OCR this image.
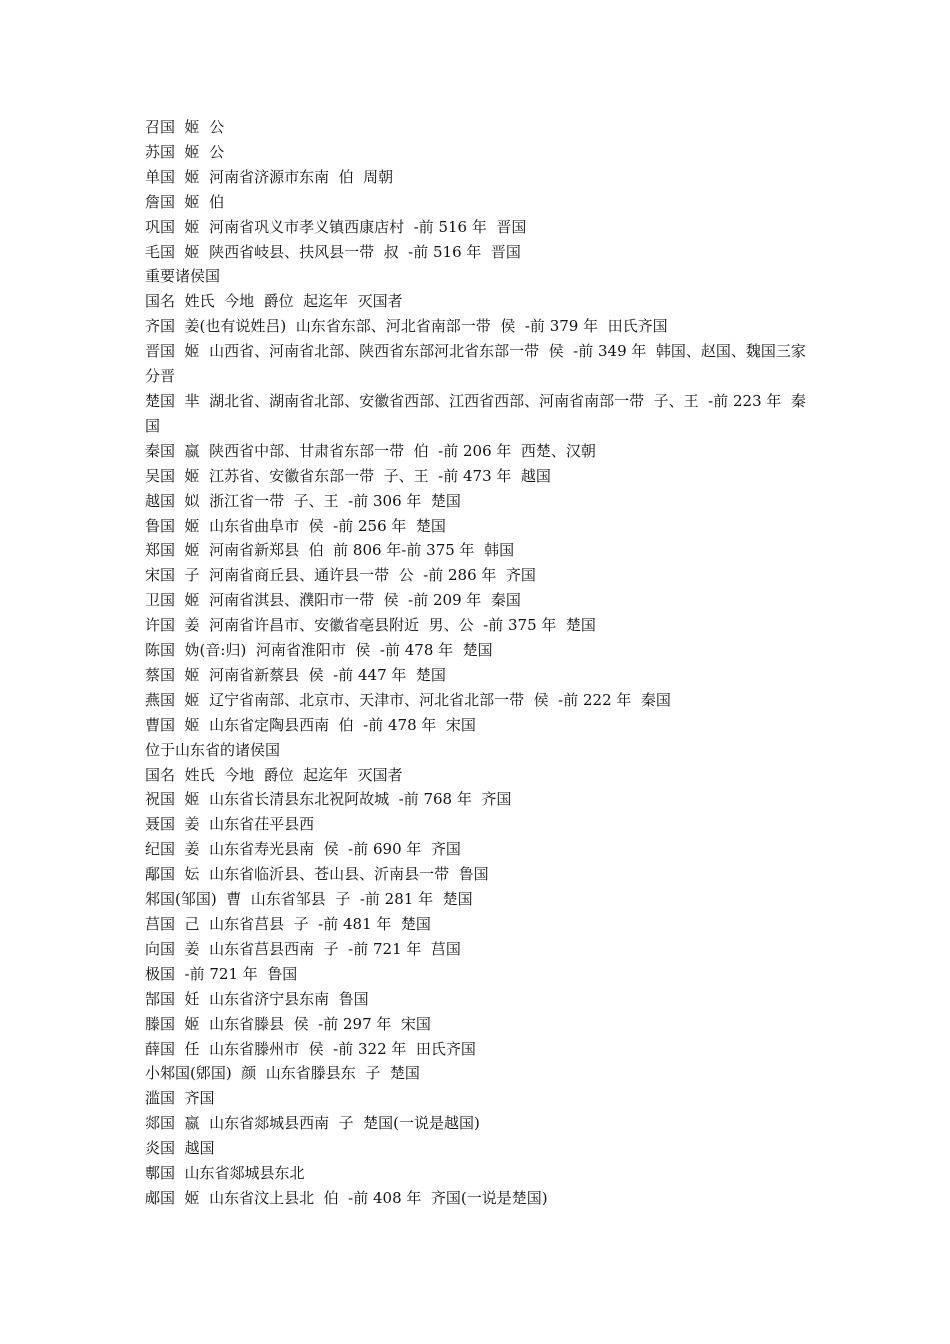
召国  姬  公

苏国  姬  公

单国  姬  河南省济源市东南  伯  周朝

詹国  姬  伯

巩国  姬  河南省巩义市孝义镇西康店村  -前 516 年  晋国

毛国  姬  陕西省岐县、扶风县一带  叔  -前 516 年  晋国

重要诸侯国

国名  姓氏  今地  爵位  起迄年  灭国者

齐国  姜(也有说姓吕)  山东省东部、河北省南部一带  侯  -前 379 年  田氏齐国

晋国  姬  山西省、河南省北部、陕西省东部河北省东部一带  侯  -前 349 年  韩国、赵国、魏国三家分晋

楚国  芈  湖北省、湖南省北部、安徽省西部、江西省西部、河南省南部一带  子、王  -前 223 年  秦国

秦国  嬴  陕西省中部、甘肃省东部一带  伯  -前 206 年  西楚、汉朝

吴国  姬  江苏省、安徽省东部一带  子、王  -前 473 年  越国

越国  姒  浙江省一带  子、王  -前 306 年  楚国

鲁国  姬  山东省曲阜市  侯  -前 256 年  楚国

郑国  姬  河南省新郑县  伯  前 806 年-前 375 年  韩国

宋国  子  河南省商丘县、通许县一带  公  -前 286 年  齐国

卫国  姬  河南省淇县、濮阳市一带  侯  -前 209 年  秦国

许国  姜  河南省许昌市、安徽省亳县附近  男、公  -前 375 年  楚国

陈国  妫(音:归)  河南省淮阳市  侯  -前 478 年  楚国

蔡国  姬  河南省新蔡县  侯  -前 447 年  楚国

燕国  姬  辽宁省南部、北京市、天津市、河北省北部一带  侯  -前 222 年  秦国

曹国  姬  山东省定陶县西南  伯  -前 478 年  宋国

位于山东省的诸侯国

国名  姓氏  今地  爵位  起迄年  灭国者

祝国  姬  山东省长清县东北祝阿故城  -前 768 年  齐国

聂国  姜  山东省茌平县西

纪国  姜  山东省寿光县南  侯  -前 690 年  齐国

鄅国  妘  山东省临沂县、苍山县、沂南县一带  鲁国

邾国(邹国)  曹  山东省邹县  子  -前 281 年  楚国

莒国  己  山东省莒县  子  -前 481 年  楚国

向国  姜  山东省莒县西南  子  -前 721 年  莒国

极国  -前 721 年  鲁国

郜国  妊  山东省济宁县东南  鲁国

滕国  姬  山东省滕县  侯  -前 297 年  宋国

薛国  任  山东省滕州市  侯  -前 322 年  田氏齐国

小邾国(郳国)  颜  山东省滕县东  子  楚国

滥国  齐国

郯国  嬴  山东省郯城县西南  子  楚国(一说是越国)

炎国  越国

鄟国  山东省郯城县东北

郕国  姬  山东省汶上县北  伯  -前 408 年  齐国(一说是楚国)
